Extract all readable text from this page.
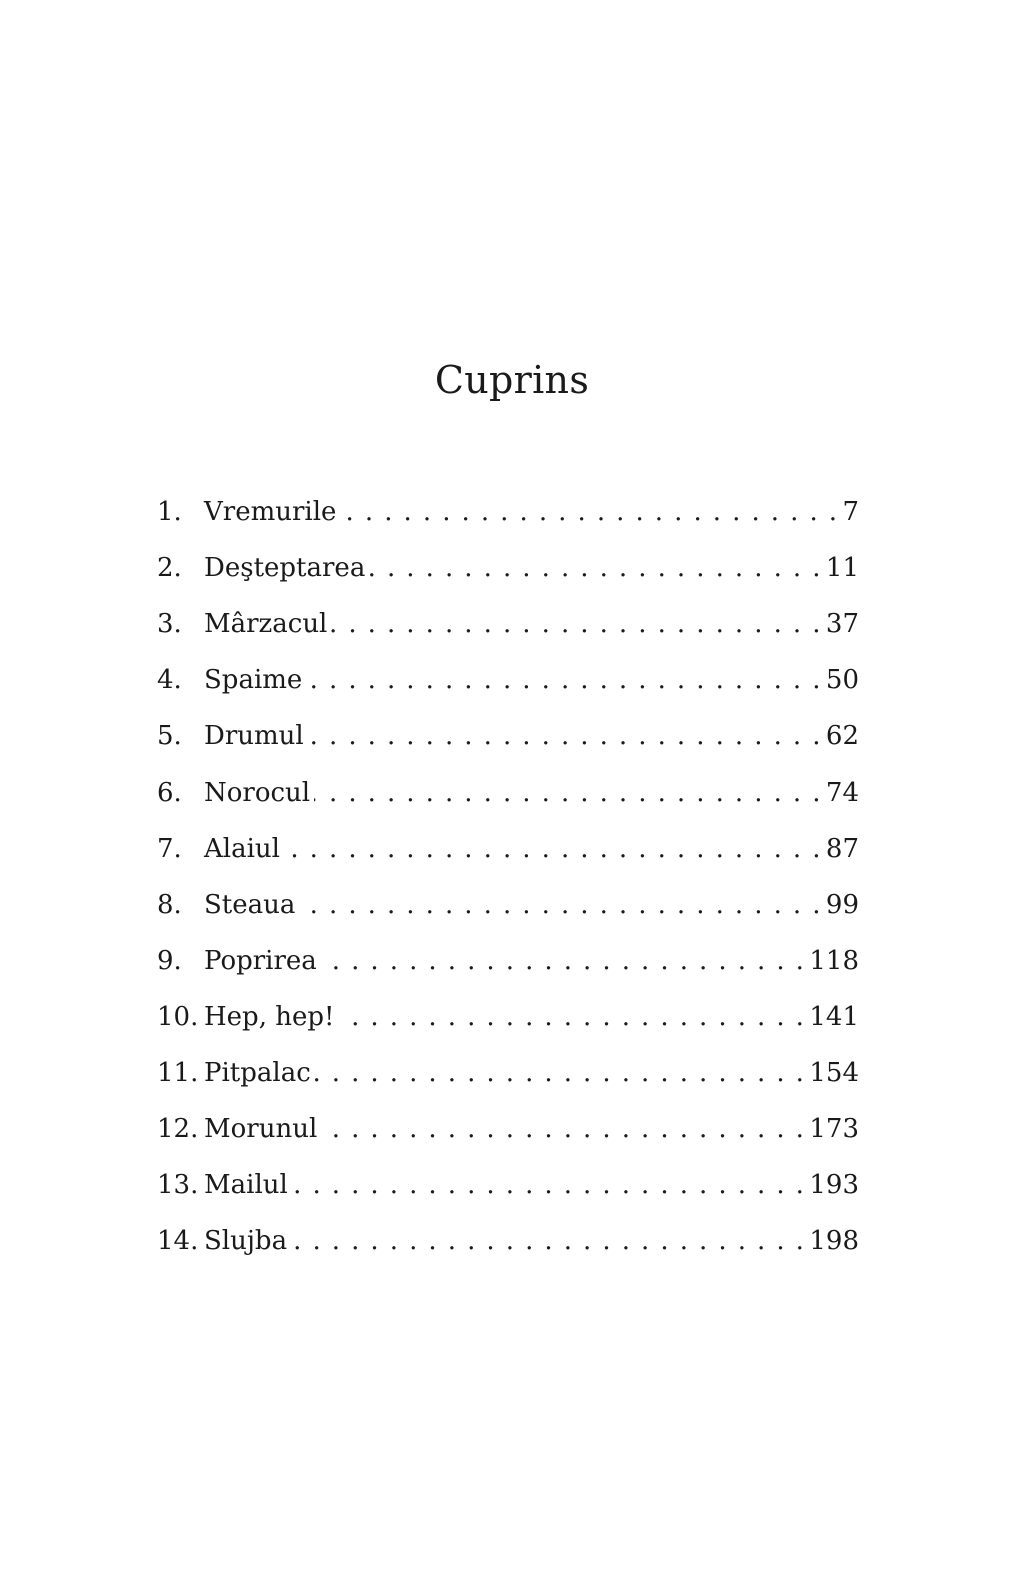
Cuprins
1. Vremurile . . .	7
2. Deşteptarea . . .	11
3. Mârzacul . . .	37
4. Spaime . . .	50
5. Drumul . . .	62
6. Norocul . . .	74
7. Alaiul . . .	87
8. Steaua . . .	99
9. Poprirea . . .	118
10. Hep, hep! . . .	141
11. Pitpalac . . .	154
12. Morunul . . .	173
13. Mailul . . .	193
14. Slujba . . .	198
